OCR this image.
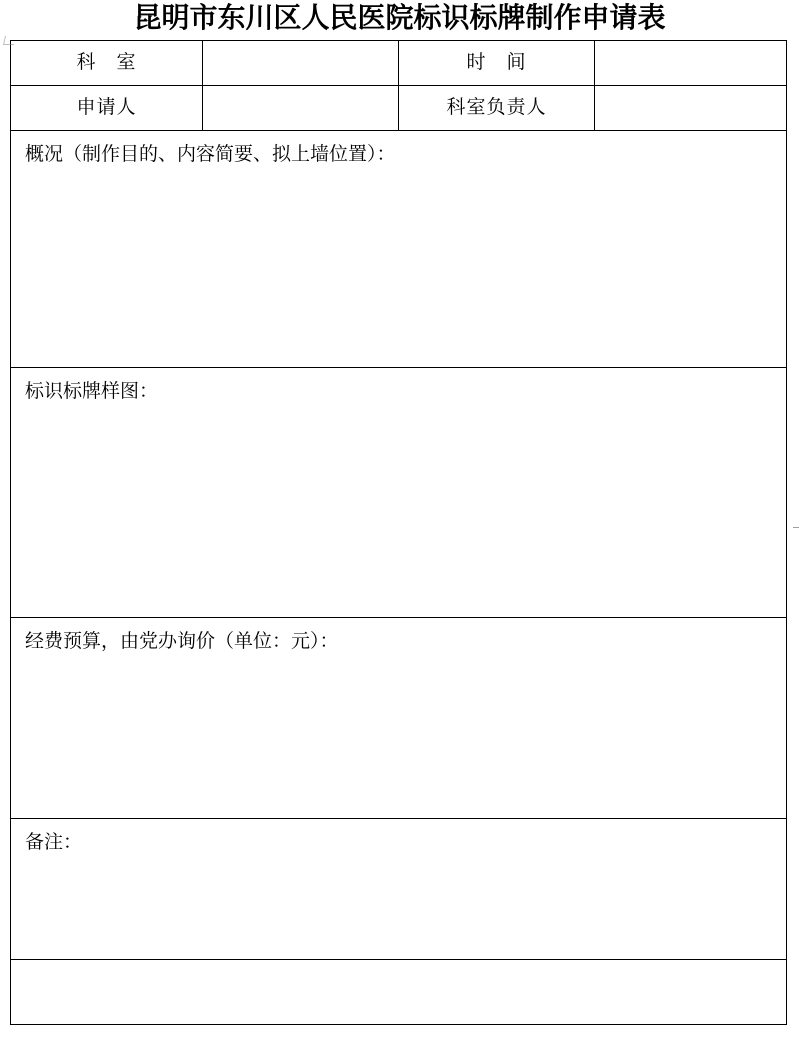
昆明市东川区人民医院标识标牌制作申请表
科　室		时　间	
申请人		科室负责人	

概况（制作目的、内容简要、拟上墙位置）：			

标识标牌样图：			

经费预算，由党办询价（单位：元）：			

备注：			
